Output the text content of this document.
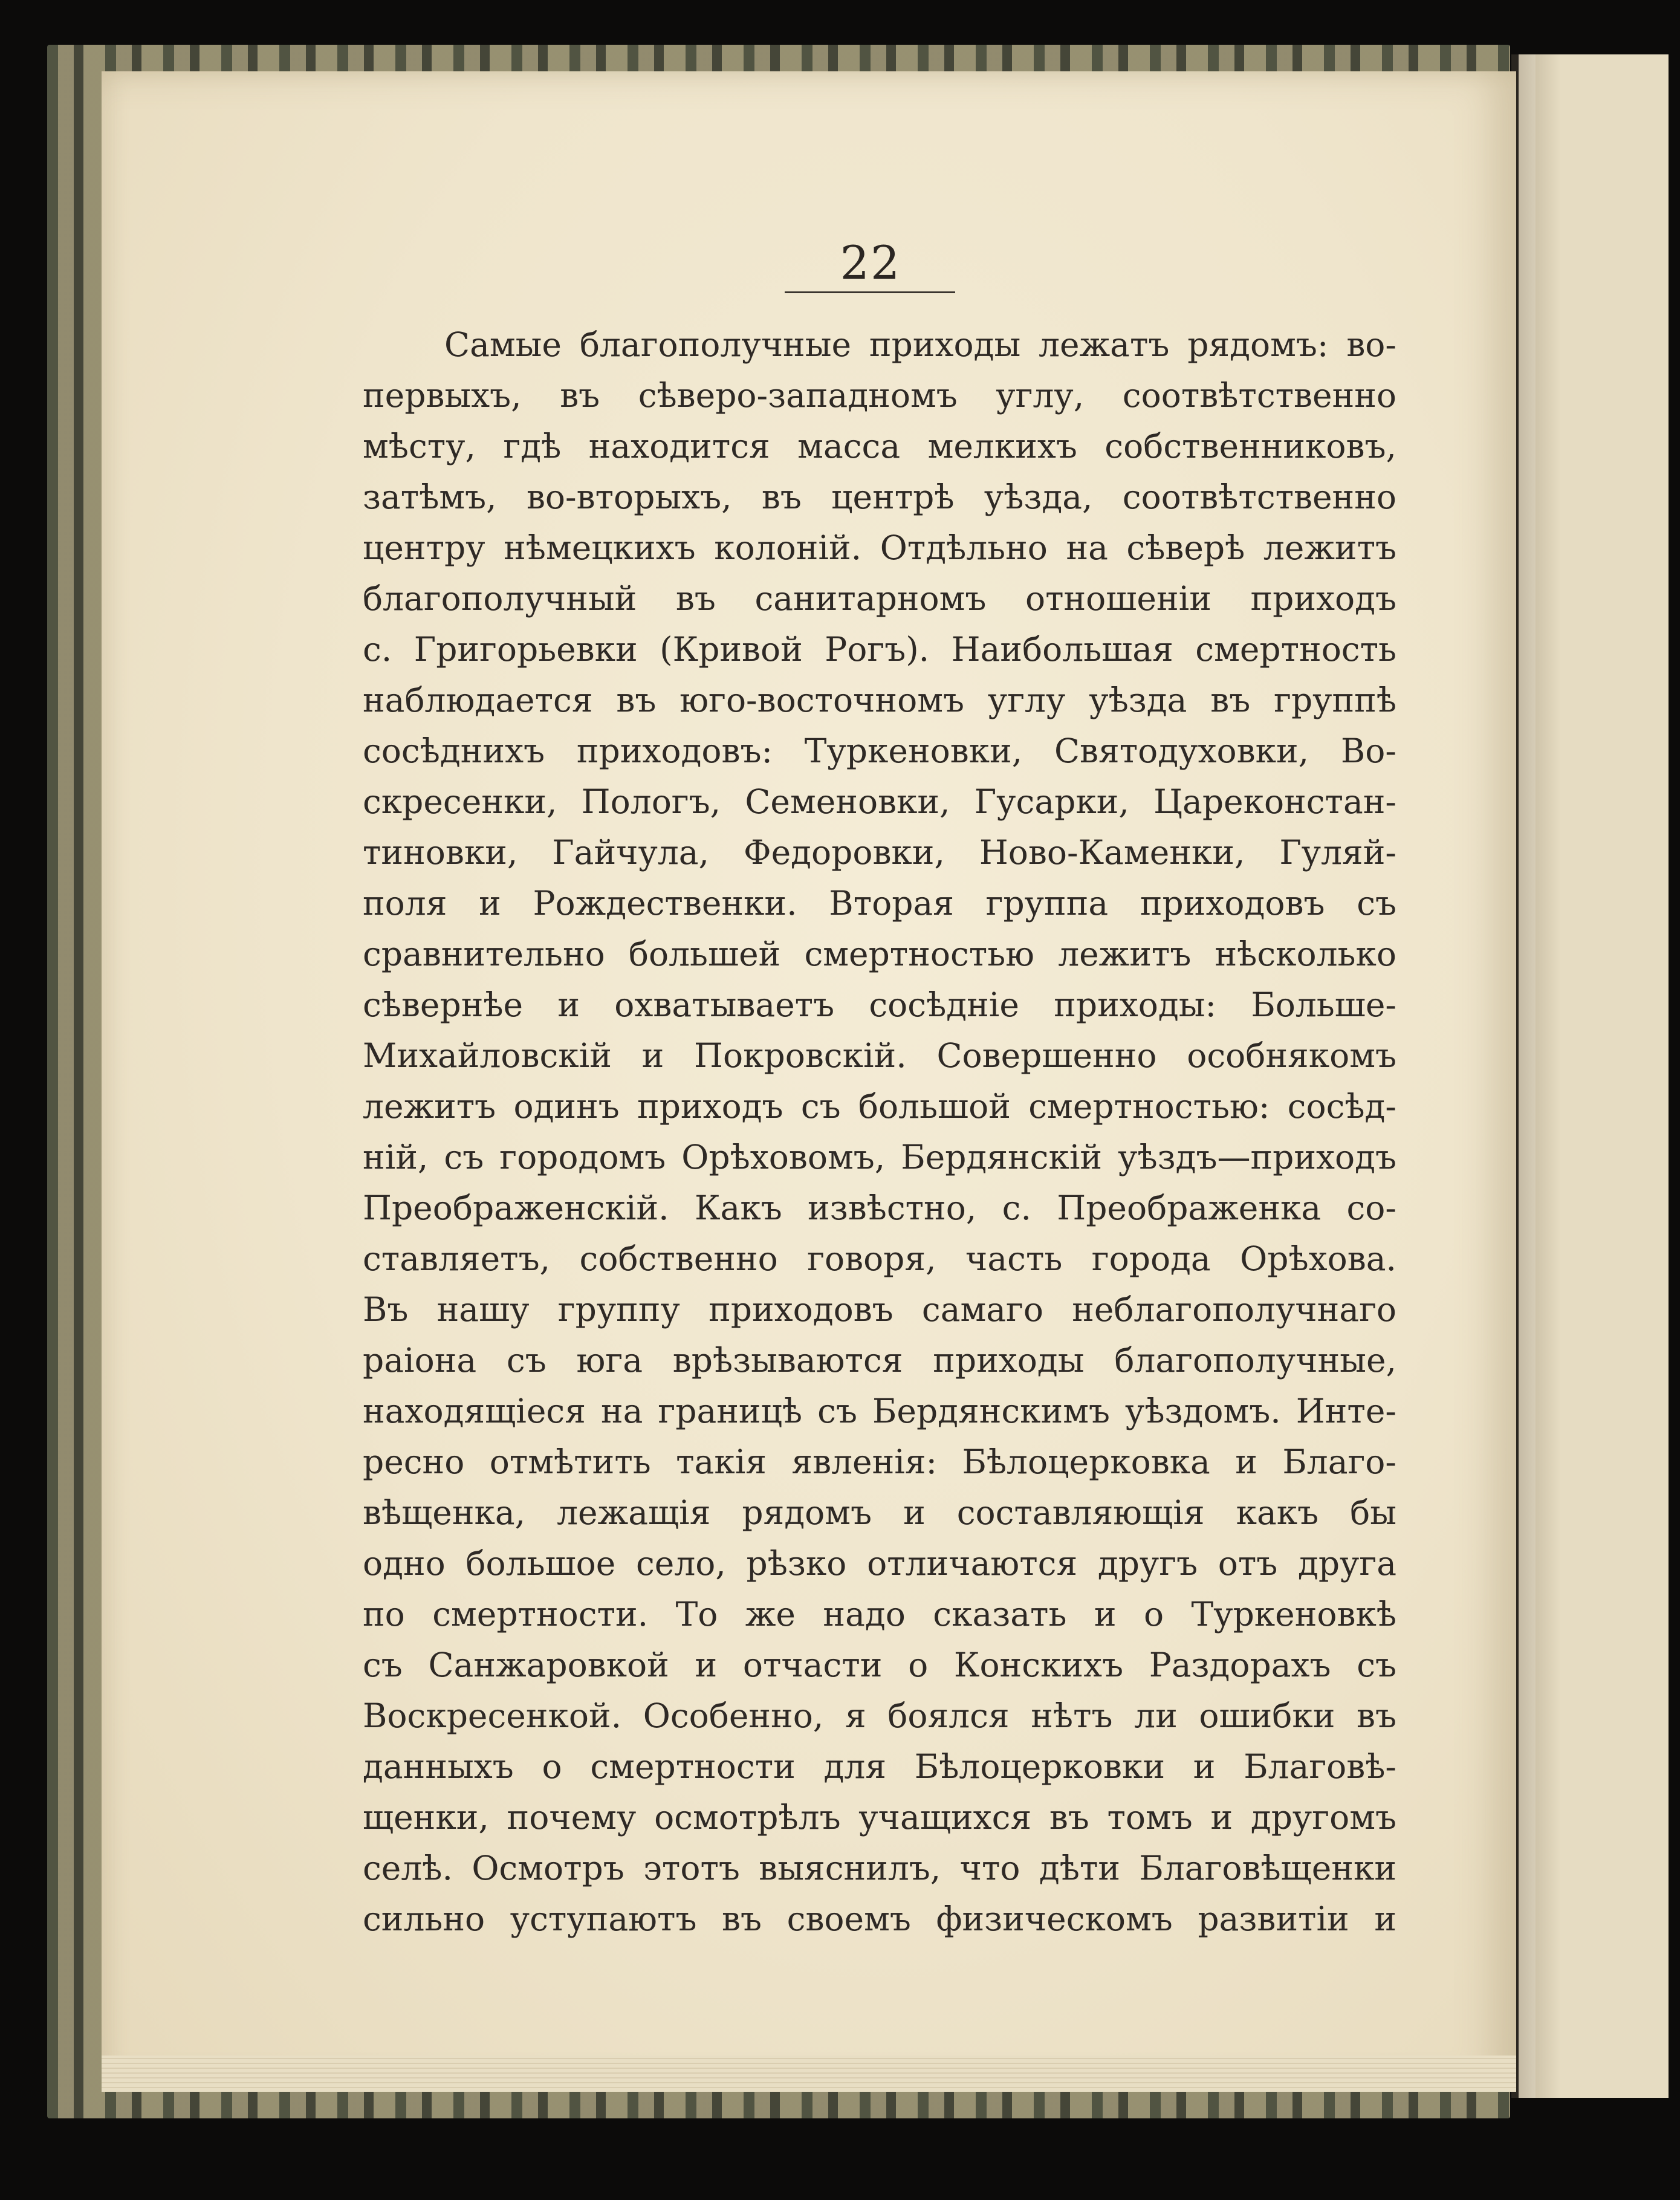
22
Самые благополучные приходы лежатъ рядомъ: во-
первыхъ, въ сѣверо-западномъ углу, соотвѣтственно
мѣсту, гдѣ находится масса мелкихъ собственниковъ,
затѣмъ, во-вторыхъ, въ центрѣ уѣзда, соотвѣтственно
центру нѣмецкихъ колоній. Отдѣльно на сѣверѣ лежитъ
благополучный въ санитарномъ отношеніи приходъ
с. Григорьевки (Кривой Рогъ). Наибольшая смертность
наблюдается въ юго-восточномъ углу уѣзда въ группѣ
сосѣднихъ приходовъ: Туркеновки, Святодуховки, Во-
скресенки, Пологъ, Семеновки, Гусарки, Цареконстан-
тиновки, Гайчула, Федоровки, Ново-Каменки, Гуляй-
поля и Рождественки. Вторая группа приходовъ съ
сравнительно большей смертностью лежитъ нѣсколько
сѣвернѣе и охватываетъ сосѣдніе приходы: Больше-
Михайловскій и Покровскій. Совершенно особнякомъ
лежитъ одинъ приходъ съ большой смертностью: сосѣд-
ній, съ городомъ Орѣховомъ, Бердянскій уѣздъ—приходъ
Преображенскій. Какъ извѣстно, с. Преображенка со-
ставляетъ, собственно говоря, часть города Орѣхова.
Въ нашу группу приходовъ самаго неблагополучнаго
раіона съ юга врѣзываются приходы благополучные,
находящіеся на границѣ съ Бердянскимъ уѣздомъ. Инте-
ресно отмѣтить такія явленія: Бѣлоцерковка и Благо-
вѣщенка, лежащія рядомъ и составляющія какъ бы
одно большое село, рѣзко отличаются другъ отъ друга
по смертности. То же надо сказать и о Туркеновкѣ
съ Санжаровкой и отчасти о Конскихъ Раздорахъ съ
Воскресенкой. Особенно, я боялся нѣтъ ли ошибки въ
данныхъ о смертности для Бѣлоцерковки и Благовѣ-
щенки, почему осмотрѣлъ учащихся въ томъ и другомъ
селѣ. Осмотръ этотъ выяснилъ, что дѣти Благовѣщенки
сильно уступаютъ въ своемъ физическомъ развитіи и
